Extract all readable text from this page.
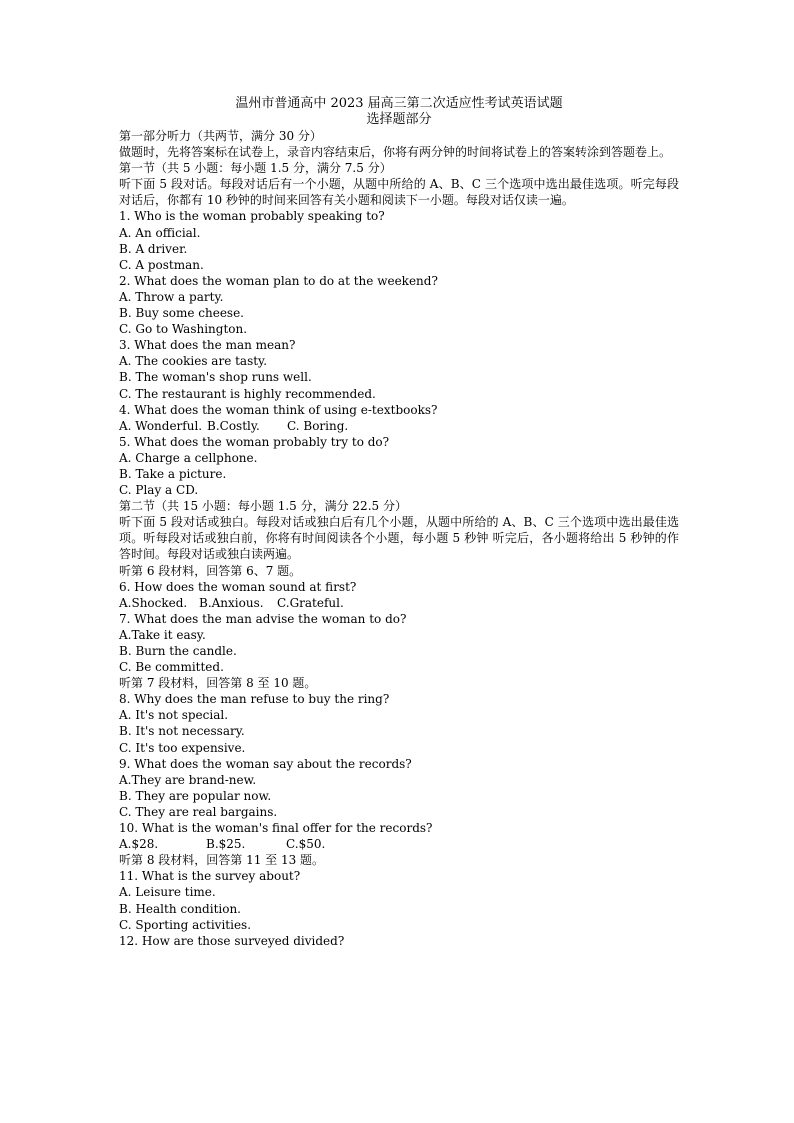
温州市普通高中 2023 届高三第二次适应性考试英语试题

选择题部分

第一部分听力（共两节，满分 30 分）

做题时，先将答案标在试卷上，录音内容结束后，你将有两分钟的时间将试卷上的答案转涂到答题卷上。

第一节（共 5 小题：每小题 1.5 分，满分 7.5 分）

听下面 5 段对话。每段对话后有一个小题，从题中所给的 A、B、C 三个选项中选出最佳选项。听完每段对话后，你都有 10 秒钟的时间来回答有关小题和阅读下一小题。每段对话仅读一遍。

1. Who is the woman probably speaking to?

A. An official.

B. A driver.

C. A postman.

2. What does the woman plan to do at the weekend?

A. Throw a party.

B. Buy some cheese.

C. Go to Washington.

3. What does the man mean?

A. The cookies are tasty.

B. The woman's shop runs well.

C. The restaurant is highly recommended.

4. What does the woman think of using e-textbooks?

A. Wonderful. B.Costly. C. Boring.

5. What does the woman probably try to do?

A. Charge a cellphone.

B. Take a picture.

C. Play a CD.

第二节（共 15 小题：每小题 1.5 分，满分 22.5 分）

听下面 5 段对话或独白。每段对话或独白后有几个小题，从题中所给的 A、B、C 三个选项中选出最佳选项。听每段对话或独白前，你将有时间阅读各个小题，每小题 5 秒钟 听完后，各小题将给出 5 秒钟的作答时间。每段对话或独白读两遍。

听第 6 段材料，回答第 6、7 题。

6. How does the woman sound at first?

A.Shocked. B.Anxious. C.Grateful.

7. What does the man advise the woman to do?

A.Take it easy.

B. Burn the candle.

C. Be committed.

听第 7 段材料，回答第 8 至 10 题。

8. Why does the man refuse to buy the ring?

A. It's not special.

B. It's not necessary.

C. It's too expensive.

9. What does the woman say about the records?

A.They are brand-new.

B. They are popular now.

C. They are real bargains.

10. What is the woman's final offer for the records?

A.$28.	B.$25.	C.$50.

听第 8 段材料，回答第 11 至 13 题。

11. What is the survey about?

A. Leisure time.

B. Health condition.

C. Sporting activities.

12. How are those surveyed divided?
